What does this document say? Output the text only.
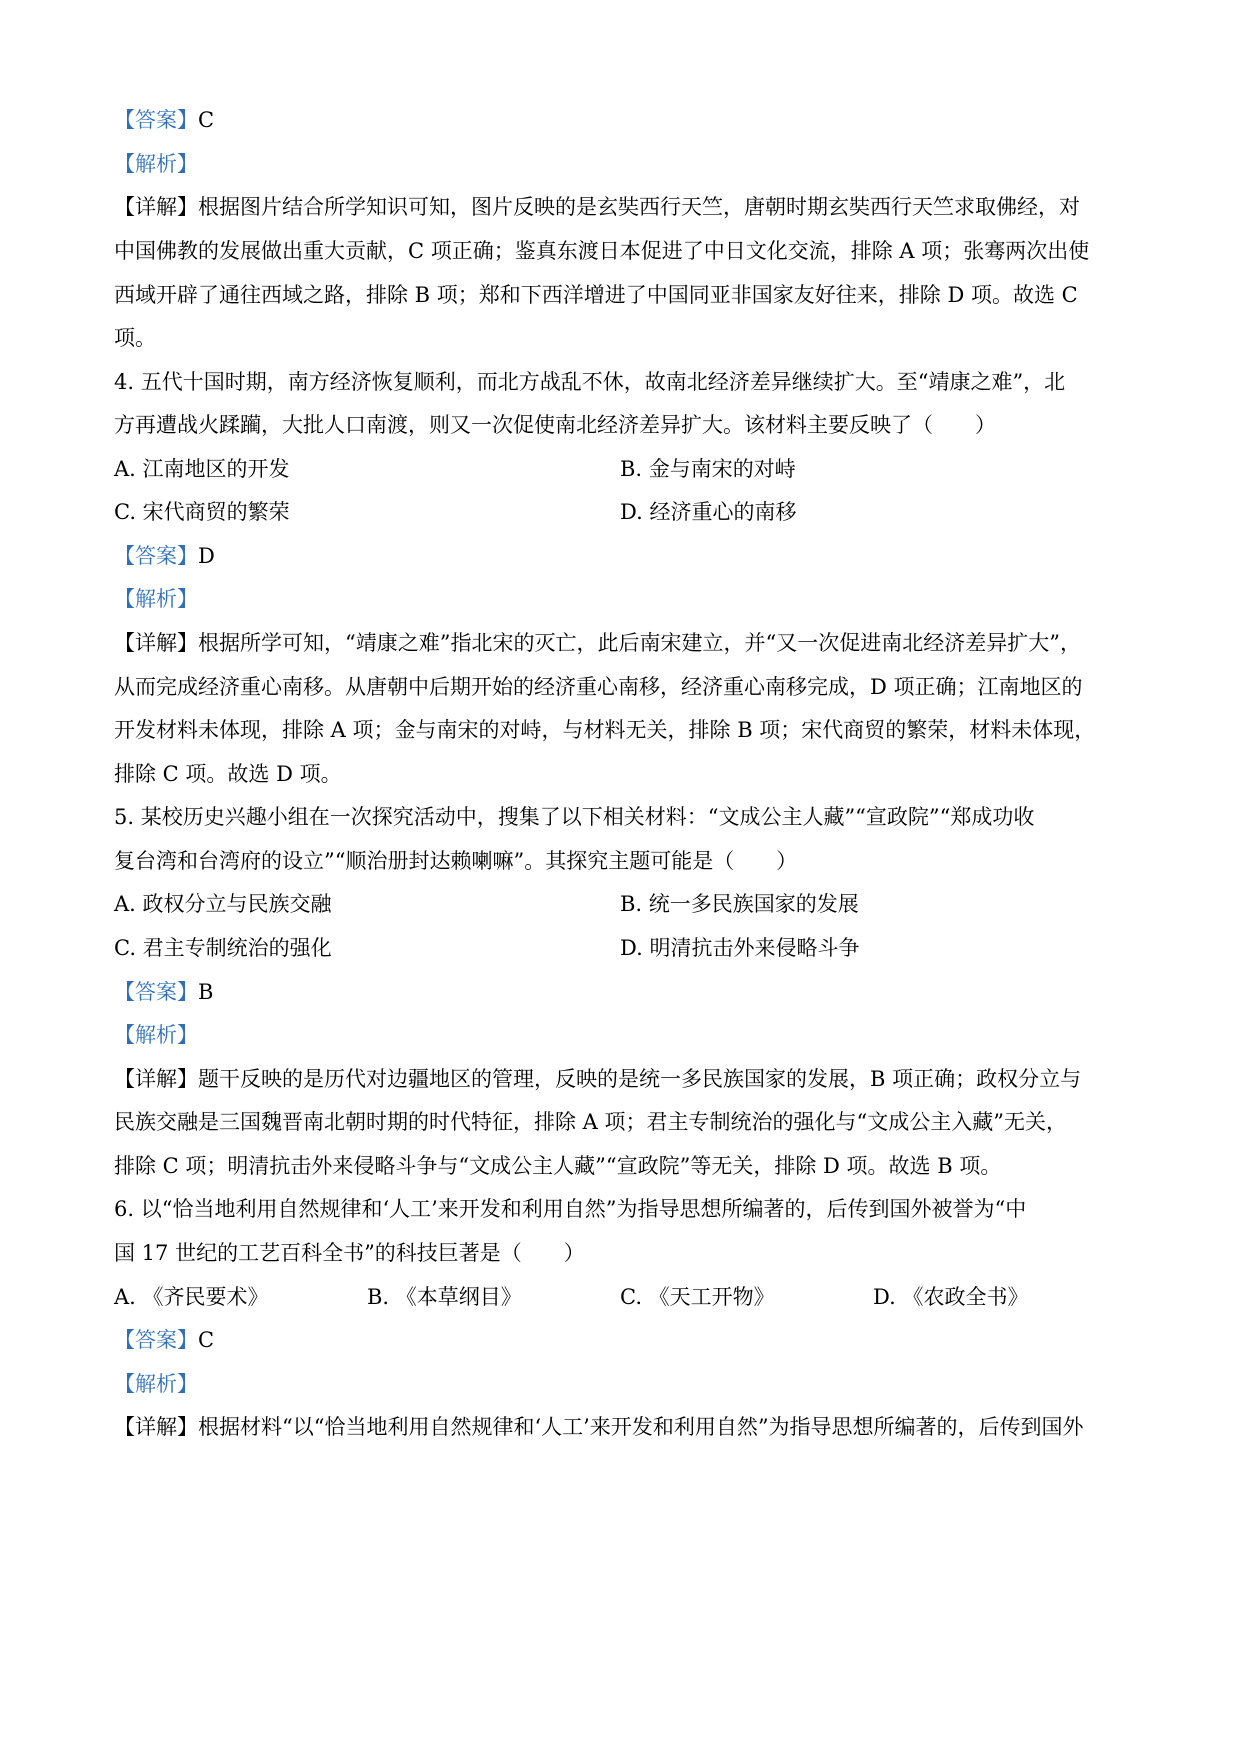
【答案】C
【解析】
【详解】根据图片结合所学知识可知，图片反映的是玄奘西行天竺，唐朝时期玄奘西行天竺求取佛经，对
中国佛教的发展做出重大贡献，C 项正确；鉴真东渡日本促进了中日文化交流，排除 A 项；张骞两次出使
西域开辟了通往西域之路，排除 B 项；郑和下西洋增进了中国同亚非国家友好往来，排除 D 项。故选 C
项。
4. 五代十国时期，南方经济恢复顺利，而北方战乱不休，故南北经济差异继续扩大。至“靖康之难”，北
方再遭战火蹂躏，大批人口南渡，则又一次促使南北经济差异扩大。该材料主要反映了（　　）
A. 江南地区的开发	B. 金与南宋的对峙
C. 宋代商贸的繁荣	D. 经济重心的南移
【答案】D
【解析】
【详解】根据所学可知，“靖康之难”指北宋的灭亡，此后南宋建立，并“又一次促进南北经济差异扩大”，
从而完成经济重心南移。从唐朝中后期开始的经济重心南移，经济重心南移完成，D 项正确；江南地区的
开发材料未体现，排除 A 项；金与南宋的对峙，与材料无关，排除 B 项；宋代商贸的繁荣，材料未体现，
排除 C 项。故选 D 项。
5. 某校历史兴趣小组在一次探究活动中，搜集了以下相关材料：“文成公主人藏”“宣政院”“郑成功收
复台湾和台湾府的设立”“顺治册封达赖喇嘛”。其探究主题可能是（　　）
A. 政权分立与民族交融	B. 统一多民族国家的发展
C. 君主专制统治的强化	D. 明清抗击外来侵略斗争
【答案】B
【解析】
【详解】题干反映的是历代对边疆地区的管理，反映的是统一多民族国家的发展，B 项正确；政权分立与
民族交融是三国魏晋南北朝时期的时代特征，排除 A 项；君主专制统治的强化与“文成公主入藏”无关，
排除 C 项；明清抗击外来侵略斗争与“文成公主人藏”“宣政院”等无关，排除 D 项。故选 B 项。
6. 以“恰当地利用自然规律和‘人工’来开发和利用自然”为指导思想所编著的，后传到国外被誉为“中
国 17 世纪的工艺百科全书”的科技巨著是（　　）
A. 《齐民要术》	B. 《本草纲目》	C. 《天工开物》	D. 《农政全书》
【答案】C
【解析】
【详解】根据材料“以“恰当地利用自然规律和‘人工’来开发和利用自然”为指导思想所编著的，后传到国外
